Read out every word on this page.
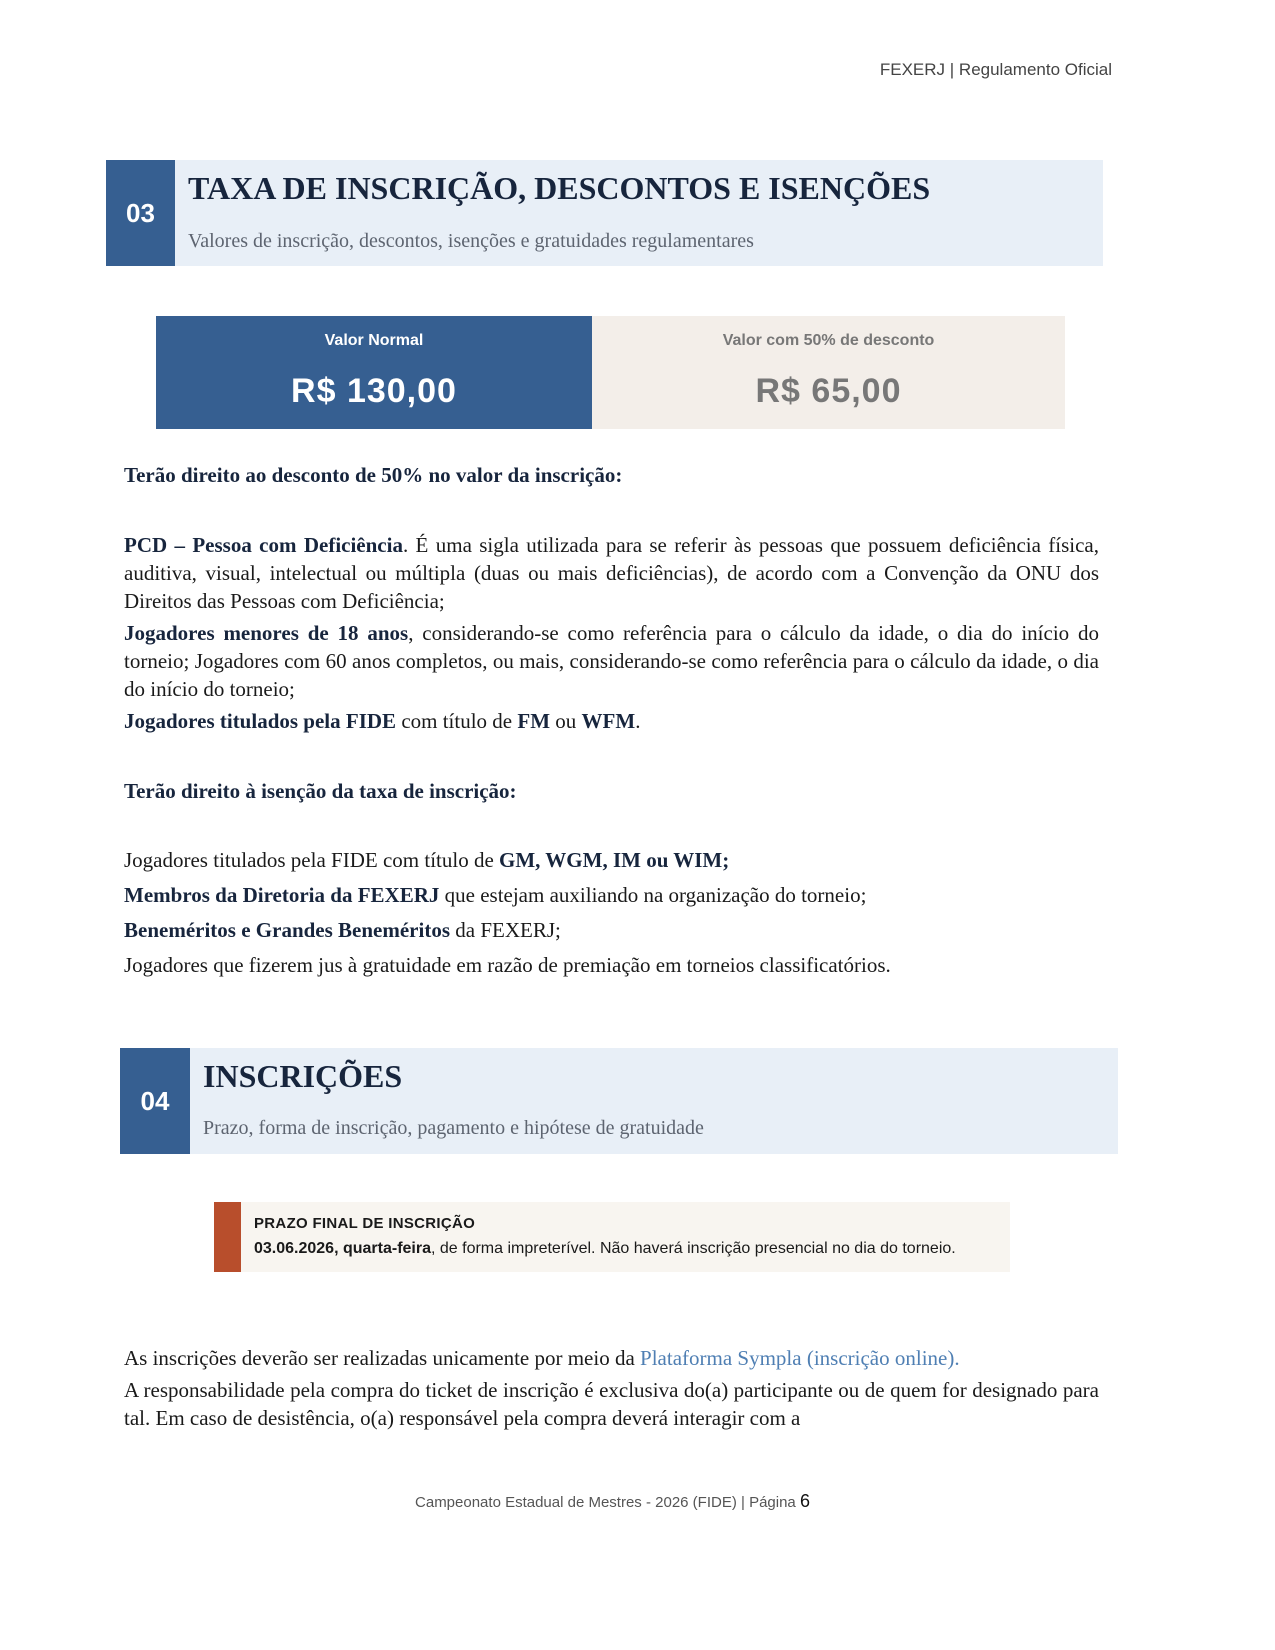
FEXERJ | Regulamento Oficial
03
TAXA DE INSCRIÇÃO, DESCONTOS E ISENÇÕES
Valores de inscrição, descontos, isenções e gratuidades regulamentares
Valor Normal
R$ 130,00
Valor com 50% de desconto
R$ 65,00
Terão direito ao desconto de 50% no valor da inscrição:
PCD – Pessoa com Deficiência. É uma sigla utilizada para se referir às pessoas que possuem deficiência física, auditiva, visual, intelectual ou múltipla (duas ou mais deficiências), de acordo com a Convenção da ONU dos Direitos das Pessoas com Deficiência;
Jogadores menores de 18 anos, considerando-se como referência para o cálculo da idade, o dia do início do torneio; Jogadores com 60 anos completos, ou mais, considerando-se como referência para o cálculo da idade, o dia do início do torneio;
Jogadores titulados pela FIDE com título de FM ou WFM.
Terão direito à isenção da taxa de inscrição:
Jogadores titulados pela FIDE com título de GM, WGM, IM ou WIM;
Membros da Diretoria da FEXERJ que estejam auxiliando na organização do torneio;
Beneméritos e Grandes Beneméritos da FEXERJ;
Jogadores que fizerem jus à gratuidade em razão de premiação em torneios classificatórios.
04
INSCRIÇÕES
Prazo, forma de inscrição, pagamento e hipótese de gratuidade
PRAZO FINAL DE INSCRIÇÃO
03.06.2026, quarta-feira, de forma impreterível. Não haverá inscrição presencial no dia do torneio.
As inscrições deverão ser realizadas unicamente por meio da Plataforma Sympla (inscrição online).
A responsabilidade pela compra do ticket de inscrição é exclusiva do(a) participante ou de quem for designado para tal. Em caso de desistência, o(a) responsável pela compra deverá interagir com a
Campeonato Estadual de Mestres - 2026 (FIDE) | Página 6
